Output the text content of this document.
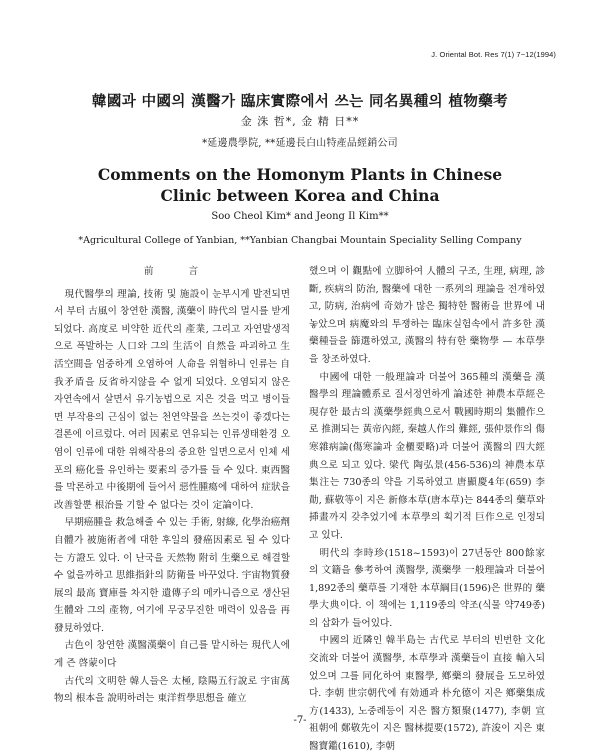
J. Oriental Bot. Res 7(1) 7~12(1994)
韓國과 中國의 漢醫가 臨床實際에서 쓰는 同名異種의 植物藥考
金 洙 哲*, 金 精 日**
*延邊農學院, **延邊長白山特產品經銷公司
Comments on the Homonym Plants in Chinese
Clinic between Korea and China
Soo Cheol Kim* and Jeong Il Kim**
*Agricultural College of Yanbian, **Yanbian Changbai Mountain Speciality Selling Company
前 言

現代醫學의 理論, 技術 및 施設이 눈부시게 발전되면서 부터 古風이 창연한 漢醫, 漢藥이 時代의 멀시를 받게되었다. 高度로 비약한 近代의 產業, 그리고 자연발생적으로 폭발하는 人口와 그의 生活이 自然을 파괴하고 生活空間을 엄중하게 오염하여 人命을 위협하니 인류는 自我矛盾을 反省하지않을 수 없게 되었다. 오염되지 않은 자연속에서 살면서 유기농법으로 지은 것을 먹고 병이들면 부작용의 근심이 없는 천연약물을 쓰는것이 좋겠다는 결론에 이르렀다. 여러 因素로 연유되는 인류생태환경 오염이 인류에 대한 위해작용의 중요한 일면으로서 인체 세포의 癌化를 유인하는 要素의 증가를 들 수 있다. 東西醫를 막론하고 中後期에 들어서 惡性腫瘍에 대하여 症狀을 改善할뿐 根治를 기할 수 없다는 것이 定論이다.

早期癌腫을 救急해줄 수 있는 手術, 射線, 化學治癌劑自體가 被施術者에 대한 후일의 發癌因素로 될 수 있다는 方證도 있다. 이 난국을 天然物 附히 生藥으로 해결할 수 없을까하고 思維指針의 防衛를 바꾸었다. 宇宙物質發展의 最高 寶庫를 차지한 遺傳子의 메카니즘으로 생산된 生體와 그의 產物, 여기에 무궁무진한 매력이 있음을 再發見하였다.

古色이 창연한 漢醫漢藥이 自己를 맡시하는 現代人에게 즌 啓蒙이다

古代의 文明한 韓人들은 太極, 陰陽五行說로 宇宙萬物의 根本을 說明하려는 東洋哲學思想을 確立

했으며 이 觀點에 立脚하여 人體의 구조, 生理, 病理, 診斷, 疾病의 防治, 醫藥에 대한 一系列의 理論을 전개하였고, 防病, 治病에 奇効가 많은 獨特한 醫術을 世界에 내놓았으며 病魔와의 투쟁하는 臨床실험속에서 許多한 漢藥種들을 篩選하였고, 漢醫의 特有한 藥物學 — 本草學을 창조하였다.

中國에 대한 一般理論과 더불어 365種의 漢藥을 漢醫學의 理論體系로 질서정연하게 論述한 神農本草經은 現存한 最古의 漢藥學經典으로서 戰國時期의 集體作으로 推測되는 黃帝內經, 秦越人作의 難經, 張仲景作의 傷寒雜病論(傷寒論과 金櫃要略)과 더불어 漢醫의 四大經典으로 되고 있다. 梁代 陶弘景(456-536)의 神農本草集注는 730종의 약을 기록하였고 唐顯慶4年(659) 李勣, 蘇敬等이 지은 新修本草(唐本草)는 844종의 藥草와 揷畫까지 갖추었기에 本草學의 획기적 巨作으로 인정되고 있다.

明代의 李時珍(1518~1593)이 27년동안 800餘家의 文籍을 參考하여 漢醫學, 漢藥學 一般理論과 더불어 1,892종의 藥草를 기재한 本草綱目(1596)은 世界的 藥學大典이다. 이 책에는 1,119종의 약조(식물 약749종)의 삽화가 들어있다.

中國의 近隣인 韓半島는 古代로 부터의 빈번한 文化交流와 더불어 漢醫學, 本草學과 漢藥들이 直接 輸入되었으며 그를 同化하여 東醫學, 鄕藥의 發展을 도모하였다. 李朝 世宗朝代에 有効通과 朴允德이 지은 鄕藥集成方(1433), 노중례등이 지은 醫方類聚(1477), 李朝 宣祖朝에 鄭敬先이 지은 醫林提要(1572), 許浚이 지은 東醫寶鑑(1610), 李朝

-7-
